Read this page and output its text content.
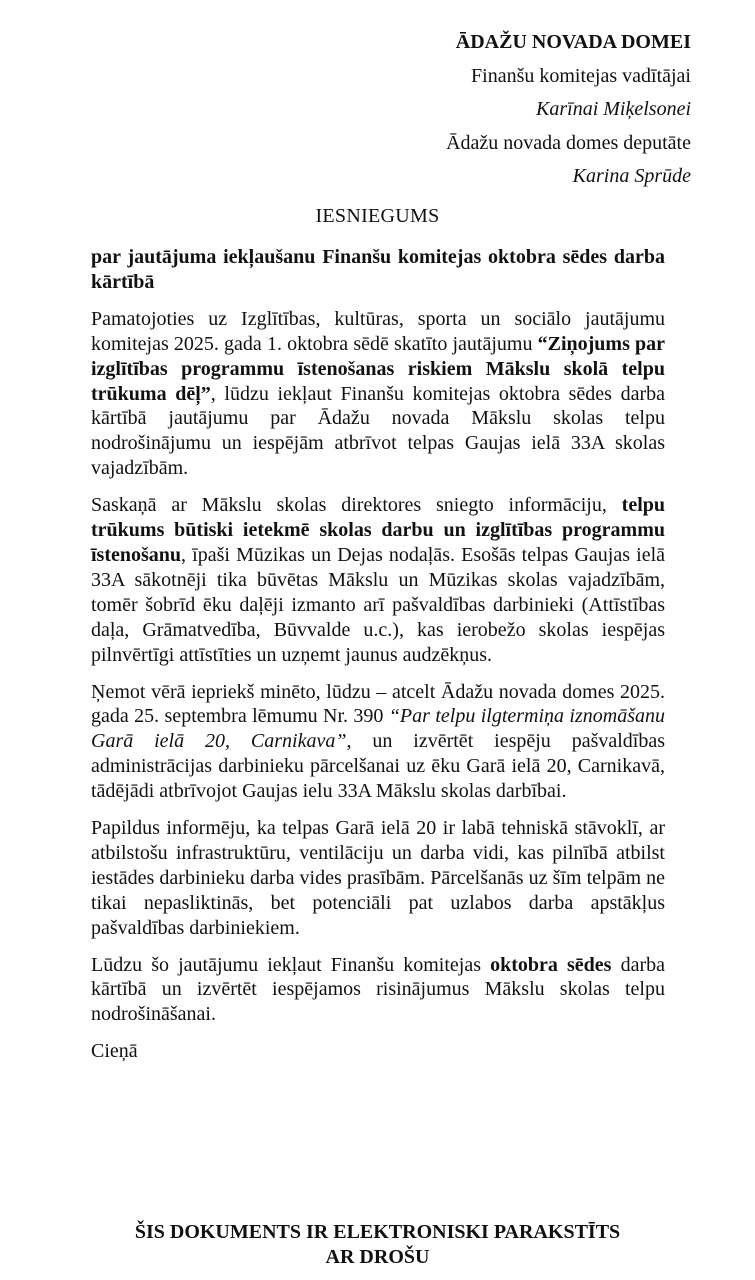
ĀDAŽU NOVADA DOMEI
Finanšu komitejas vadītājai
Karīnai Miķelsonei
Ādažu novada domes deputāte
Karina Sprūde
IESNIEGUMS

par jautājuma iekļaušanu Finanšu komitejas oktobra sēdes darba kārtībā

Pamatojoties uz Izglītības, kultūras, sporta un sociālo jautājumu komitejas 2025. gada 1. oktobra sēdē skatīto jautājumu “Ziņojums par izglītības programmu īstenošanas riskiem Mākslu skolā telpu trūkuma dēļ”, lūdzu iekļaut Finanšu komitejas oktobra sēdes darba kārtībā jautājumu par Ādažu novada Mākslu skolas telpu nodrošinājumu un iespējām atbrīvot telpas Gaujas ielā 33A skolas vajadzībām.

Saskaņā ar Mākslu skolas direktores sniegto informāciju, telpu trūkums būtiski ietekmē skolas darbu un izglītības programmu īstenošanu, īpaši Mūzikas un Dejas nodaļās. Esošās telpas Gaujas ielā 33A sākotnēji tika būvētas Mākslu un Mūzikas skolas vajadzībām, tomēr šobrīd ēku daļēji izmanto arī pašvaldības darbinieki (Attīstības daļa, Grāmatvedība, Būvvalde u.c.), kas ierobežo skolas iespējas pilnvērtīgi attīstīties un uzņemt jaunus audzēkņus.

Ņemot vērā iepriekš minēto, lūdzu – atcelt Ādažu novada domes 2025. gada 25. septembra lēmumu Nr. 390 “Par telpu ilgtermiņa iznomāšanu Garā ielā 20, Carnikava”, un izvērtēt iespēju pašvaldības administrācijas darbinieku pārcelšanai uz ēku Garā ielā 20, Carnikavā, tādējādi atbrīvojot Gaujas ielu 33A Mākslu skolas darbībai.

Papildus informēju, ka telpas Garā ielā 20 ir labā tehniskā stāvoklī, ar atbilstošu infrastruktūru, ventilāciju un darba vidi, kas pilnībā atbilst iestādes darbinieku darba vides prasībām. Pārcelšanās uz šīm telpām ne tikai nepasliktinās, bet potenciāli pat uzlabos darba apstākļus pašvaldības darbiniekiem.

Lūdzu šo jautājumu iekļaut Finanšu komitejas oktobra sēdes darba kārtībā un izvērtēt iespējamos risinājumus Mākslu skolas telpu nodrošināšanai.

Cieņā

ŠIS DOKUMENTS IR ELEKTRONISKI PARAKSTĪTS
AR DROŠU
